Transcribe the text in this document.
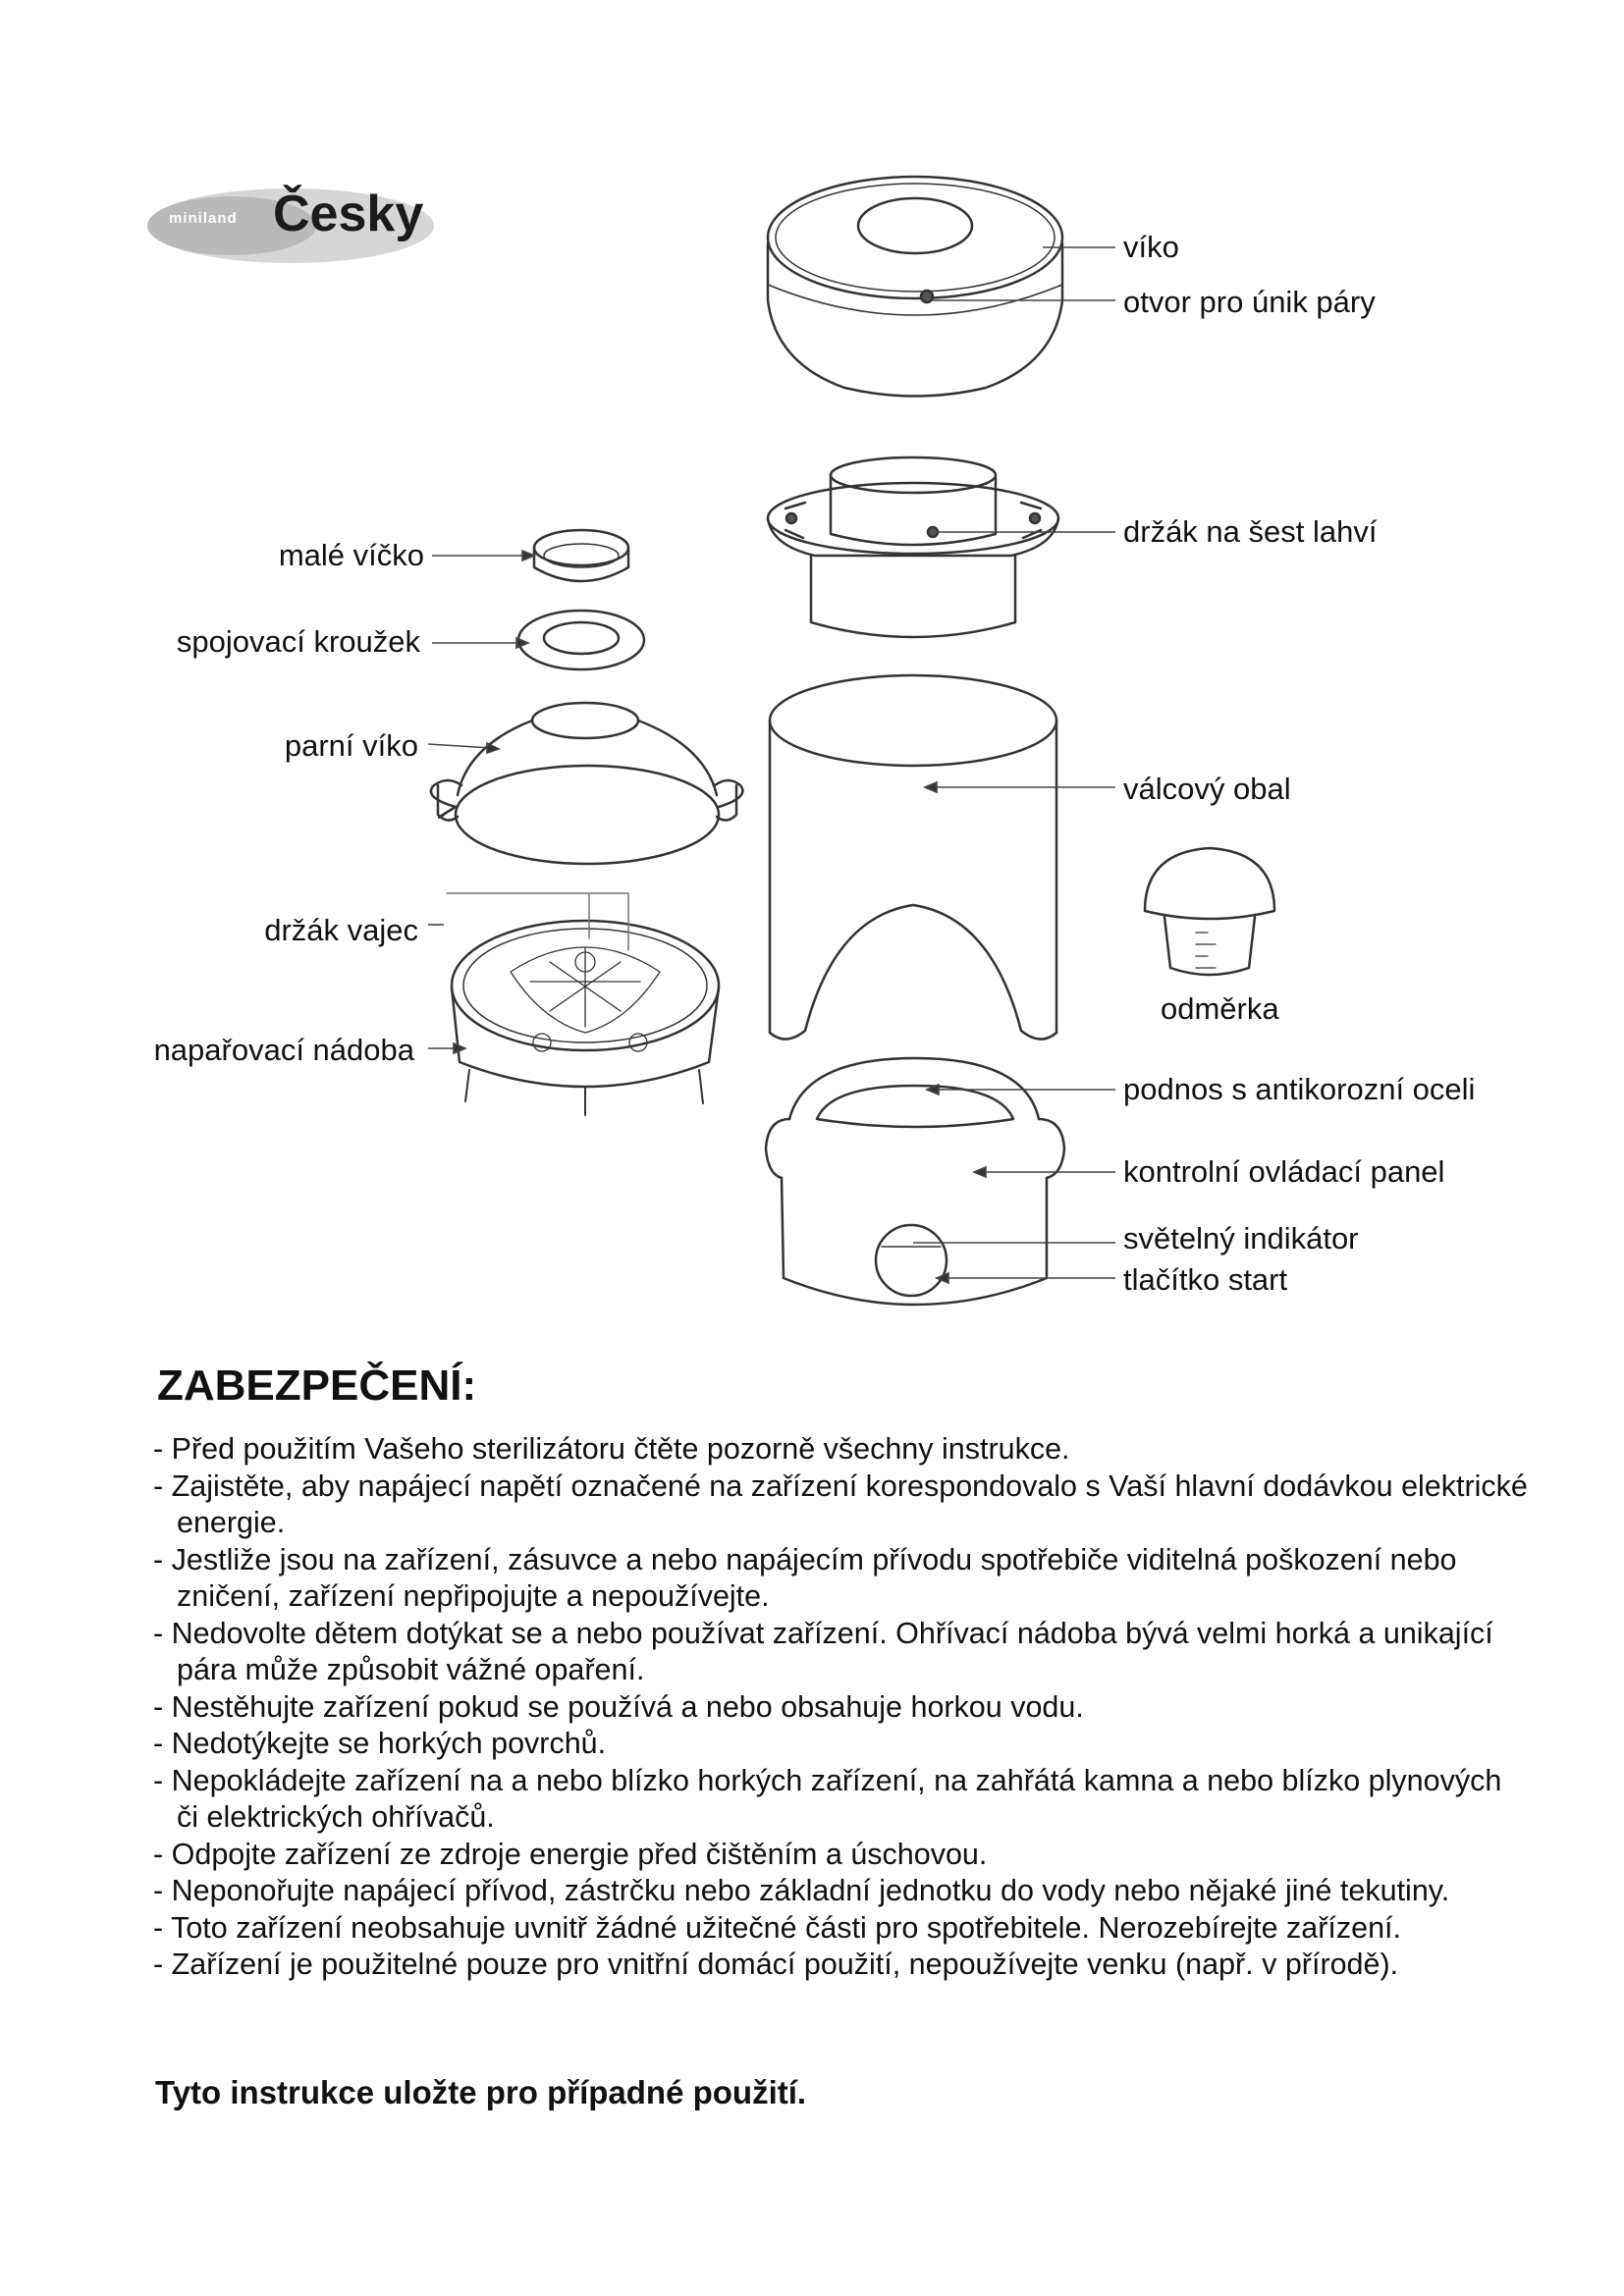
miniland Česky
víko
otvor pro únik páry
držák na šest lahví
malé víčko
spojovací kroužek
parní víko
válcový obal
držák vajec
odměrka
napařovací nádoba
podnos s antikorozní oceli
kontrolní ovládací panel
světelný indikátor
tlačítko start
ZABEZPEČENÍ:
- Před použitím Vašeho sterilizátoru čtěte pozorně všechny instrukce.
- Zajistěte, aby napájecí napětí označené na zařízení korespondovalo s Vaší hlavní dodávkou elektrické energie.
- Jestliže jsou na zařízení, zásuvce a nebo napájecím přívodu spotřebiče viditelná poškození nebo zničení, zařízení nepřipojujte a nepoužívejte.
- Nedovolte dětem dotýkat se a nebo používat zařízení. Ohřívací nádoba bývá velmi horká a unikající pára může způsobit vážné opaření.
- Nestěhujte zařízení pokud se používá a nebo obsahuje horkou vodu.
- Nedotýkejte se horkých povrchů.
- Nepokládejte zařízení na a nebo blízko horkých zařízení, na zahřátá kamna a nebo blízko plynových či elektrických ohřívačů.
- Odpojte zařízení ze zdroje energie před čištěním a úschovou.
- Neponořujte napájecí přívod, zástrčku nebo základní jednotku do vody nebo nějaké jiné tekutiny.
- Toto zařízení neobsahuje uvnitř žádné užitečné části pro spotřebitele. Nerozebírejte zařízení.
- Zařízení je použitelné pouze pro vnitřní domácí použití, nepoužívejte venku (např. v přírodě).
Tyto instrukce uložte pro případné použití.
